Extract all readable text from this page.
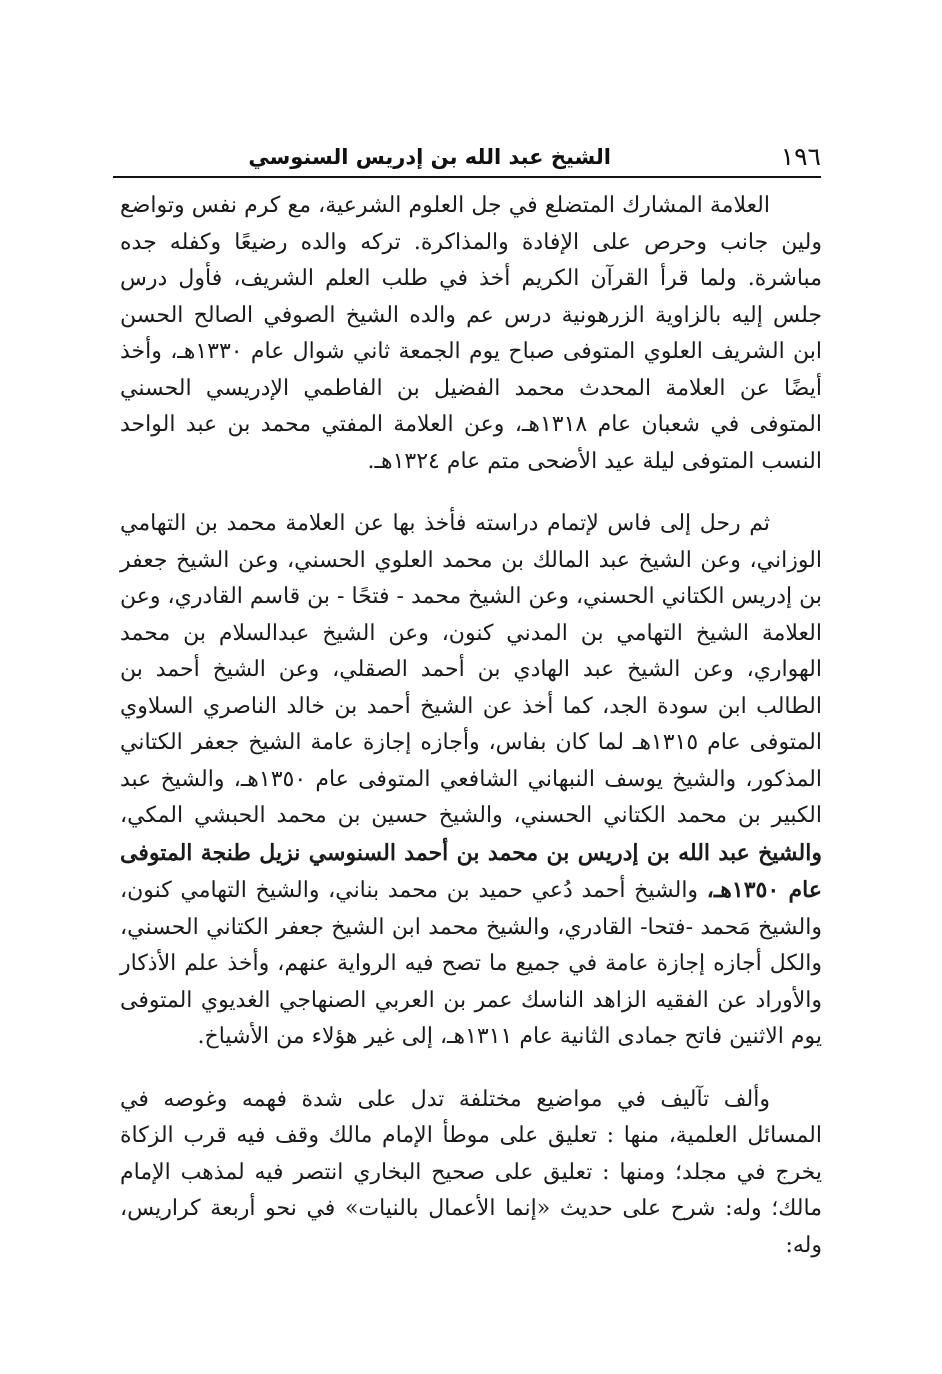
١٩٦
الشيخ عبد الله بن إدريس السنوسي

العلامة المشارك المتضلع في جل العلوم الشرعية، مع كرم نفس وتواضع ولين جانب وحرص على الإفادة والمذاكرة. تركه والده رضيعًا وكفله جده مباشرة. ولما قرأ القرآن الكريم أخذ في طلب العلم الشريف، فأول درس جلس إليه بالزاوية الزرهونية درس عم والده الشيخ الصوفي الصالح الحسن ابن الشريف العلوي المتوفى صباح يوم الجمعة ثاني شوال عام ١٣٣٠هـ، وأخذ أيضًا عن العلامة المحدث محمد الفضيل بن الفاطمي الإدريسي الحسني المتوفى في شعبان عام ١٣١٨هـ، وعن العلامة المفتي محمد بن عبد الواحد النسب المتوفى ليلة عيد الأضحى متم عام ١٣٢٤هـ.

ثم رحل إلى فاس لإتمام دراسته فأخذ بها عن العلامة محمد بن التهامي الوزاني، وعن الشيخ عبد المالك بن محمد العلوي الحسني، وعن الشيخ جعفر بن إدريس الكتاني الحسني، وعن الشيخ محمد - فتحًا - بن قاسم القادري، وعن العلامة الشيخ التهامي بن المدني كنون، وعن الشيخ عبدالسلام بن محمد الهواري، وعن الشيخ عبد الهادي بن أحمد الصقلي، وعن الشيخ أحمد بن الطالب ابن سودة الجد، كما أخذ عن الشيخ أحمد بن خالد الناصري السلاوي المتوفى عام ١٣١٥هـ لما كان بفاس، وأجازه إجازة عامة الشيخ جعفر الكتاني المذكور، والشيخ يوسف النبهاني الشافعي المتوفى عام ١٣٥٠هـ، والشيخ عبد الكبير بن محمد الكتاني الحسني، والشيخ حسين بن محمد الحبشي المكي، والشيخ عبد الله بن إدريس بن محمد بن أحمد السنوسي نزيل طنجة المتوفى عام ١٣٥٠هـ، والشيخ أحمد دُعي حميد بن محمد بناني، والشيخ التهامي كنون، والشيخ مَحمد -فتحا- القادري، والشيخ محمد ابن الشيخ جعفر الكتاني الحسني، والكل أجازه إجازة عامة في جميع ما تصح فيه الرواية عنهم، وأخذ علم الأذكار والأوراد عن الفقيه الزاهد الناسك عمر بن العربي الصنهاجي الغديوي المتوفى يوم الاثنين فاتح جمادى الثانية عام ١٣١١هـ، إلى غير هؤلاء من الأشياخ.

وألف تآليف في مواضيع مختلفة تدل على شدة فهمه وغوصه في المسائل العلمية، منها : تعليق على موطأ الإمام مالك وقف فيه قرب الزكاة يخرج في مجلد؛ ومنها : تعليق على صحيح البخاري انتصر فيه لمذهب الإمام مالك؛ وله: شرح على حديث «إنما الأعمال بالنيات» في نحو أربعة كراريس، وله:
